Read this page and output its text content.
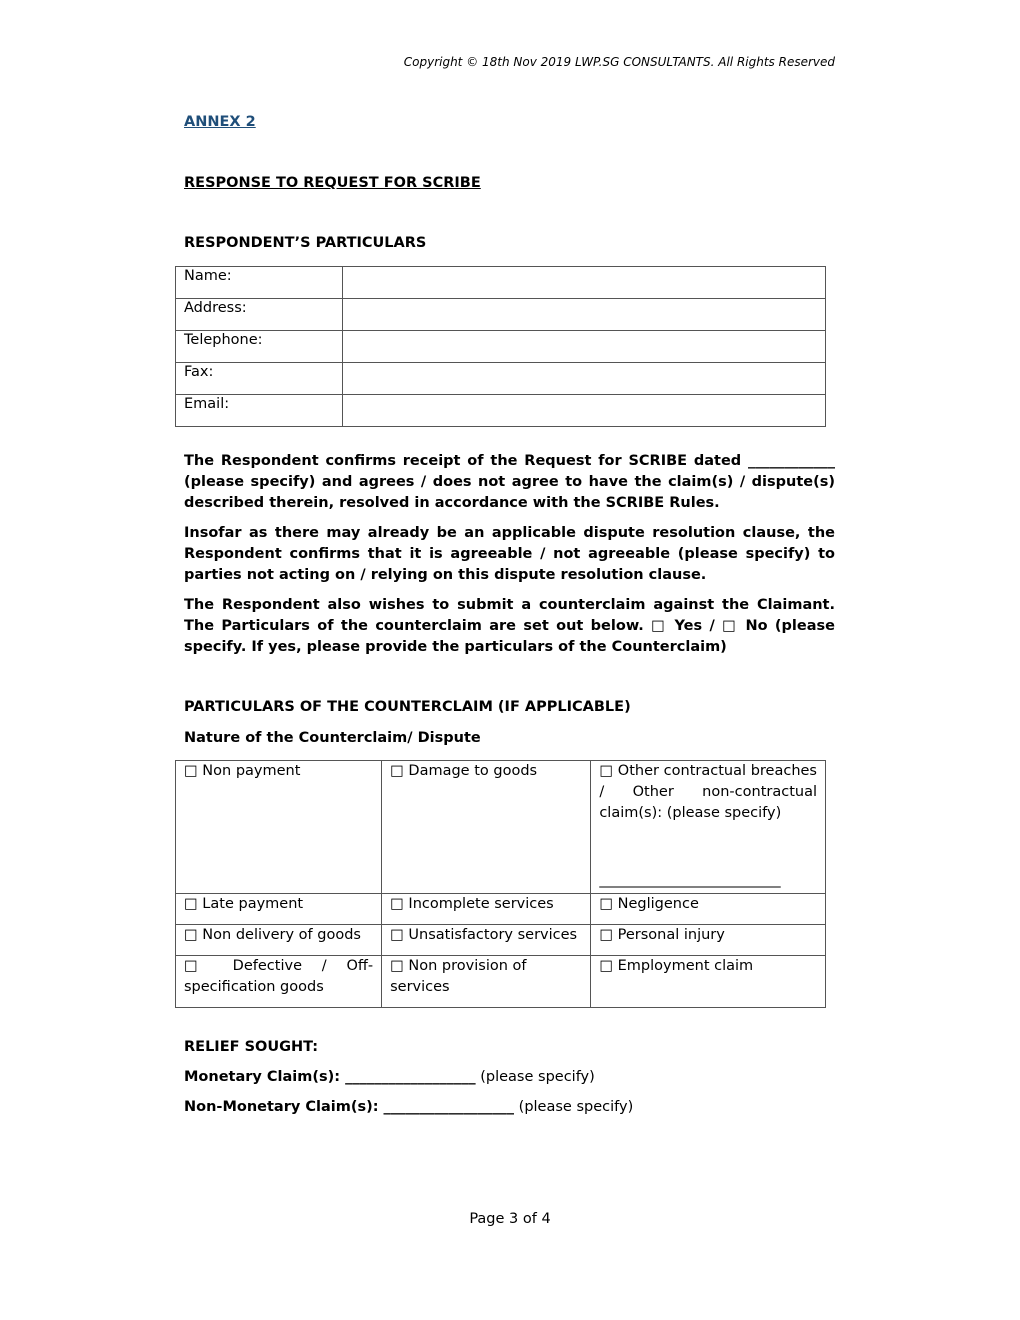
Copyright © 18th Nov 2019 LWP.SG CONSULTANTS. All Rights Reserved
ANNEX 2
RESPONSE TO REQUEST FOR SCRIBE
RESPONDENT’S PARTICULARS
Name:	
Address:	
Telephone:	
Fax:	
Email:	

The Respondent confirms receipt of the Request for SCRIBE dated ____________ (please specify) and agrees / does not agree to have the claim(s) / dispute(s) described therein, resolved in accordance with the SCRIBE Rules.

Insofar as there may already be an applicable dispute resolution clause, the Respondent confirms that it is agreeable / not agreeable (please specify) to parties not acting on / relying on this dispute resolution clause.

The Respondent also wishes to submit a counterclaim against the Claimant. The Particulars of the counterclaim are set out below. □ Yes / □ No (please specify. If yes, please provide the particulars of the Counterclaim)

PARTICULARS OF THE COUNTERCLAIM (IF APPLICABLE)
Nature of the Counterclaim/ Dispute
□ Non payment	□ Damage to goods	□ Other contractual breaches / Other non-contractual claim(s): (please specify)
_________________________

□ Late payment	□ Incomplete services	□ Negligence
□ Non delivery of goods	□ Unsatisfactory services	□ Personal injury
□ Defective / Off-specification goods	□ Non provision of services	□ Employment claim
RELIEF SOUGHT:
Monetary Claim(s): __________________ (please specify)
Non-Monetary Claim(s): __________________ (please specify)
Page 3 of 4
